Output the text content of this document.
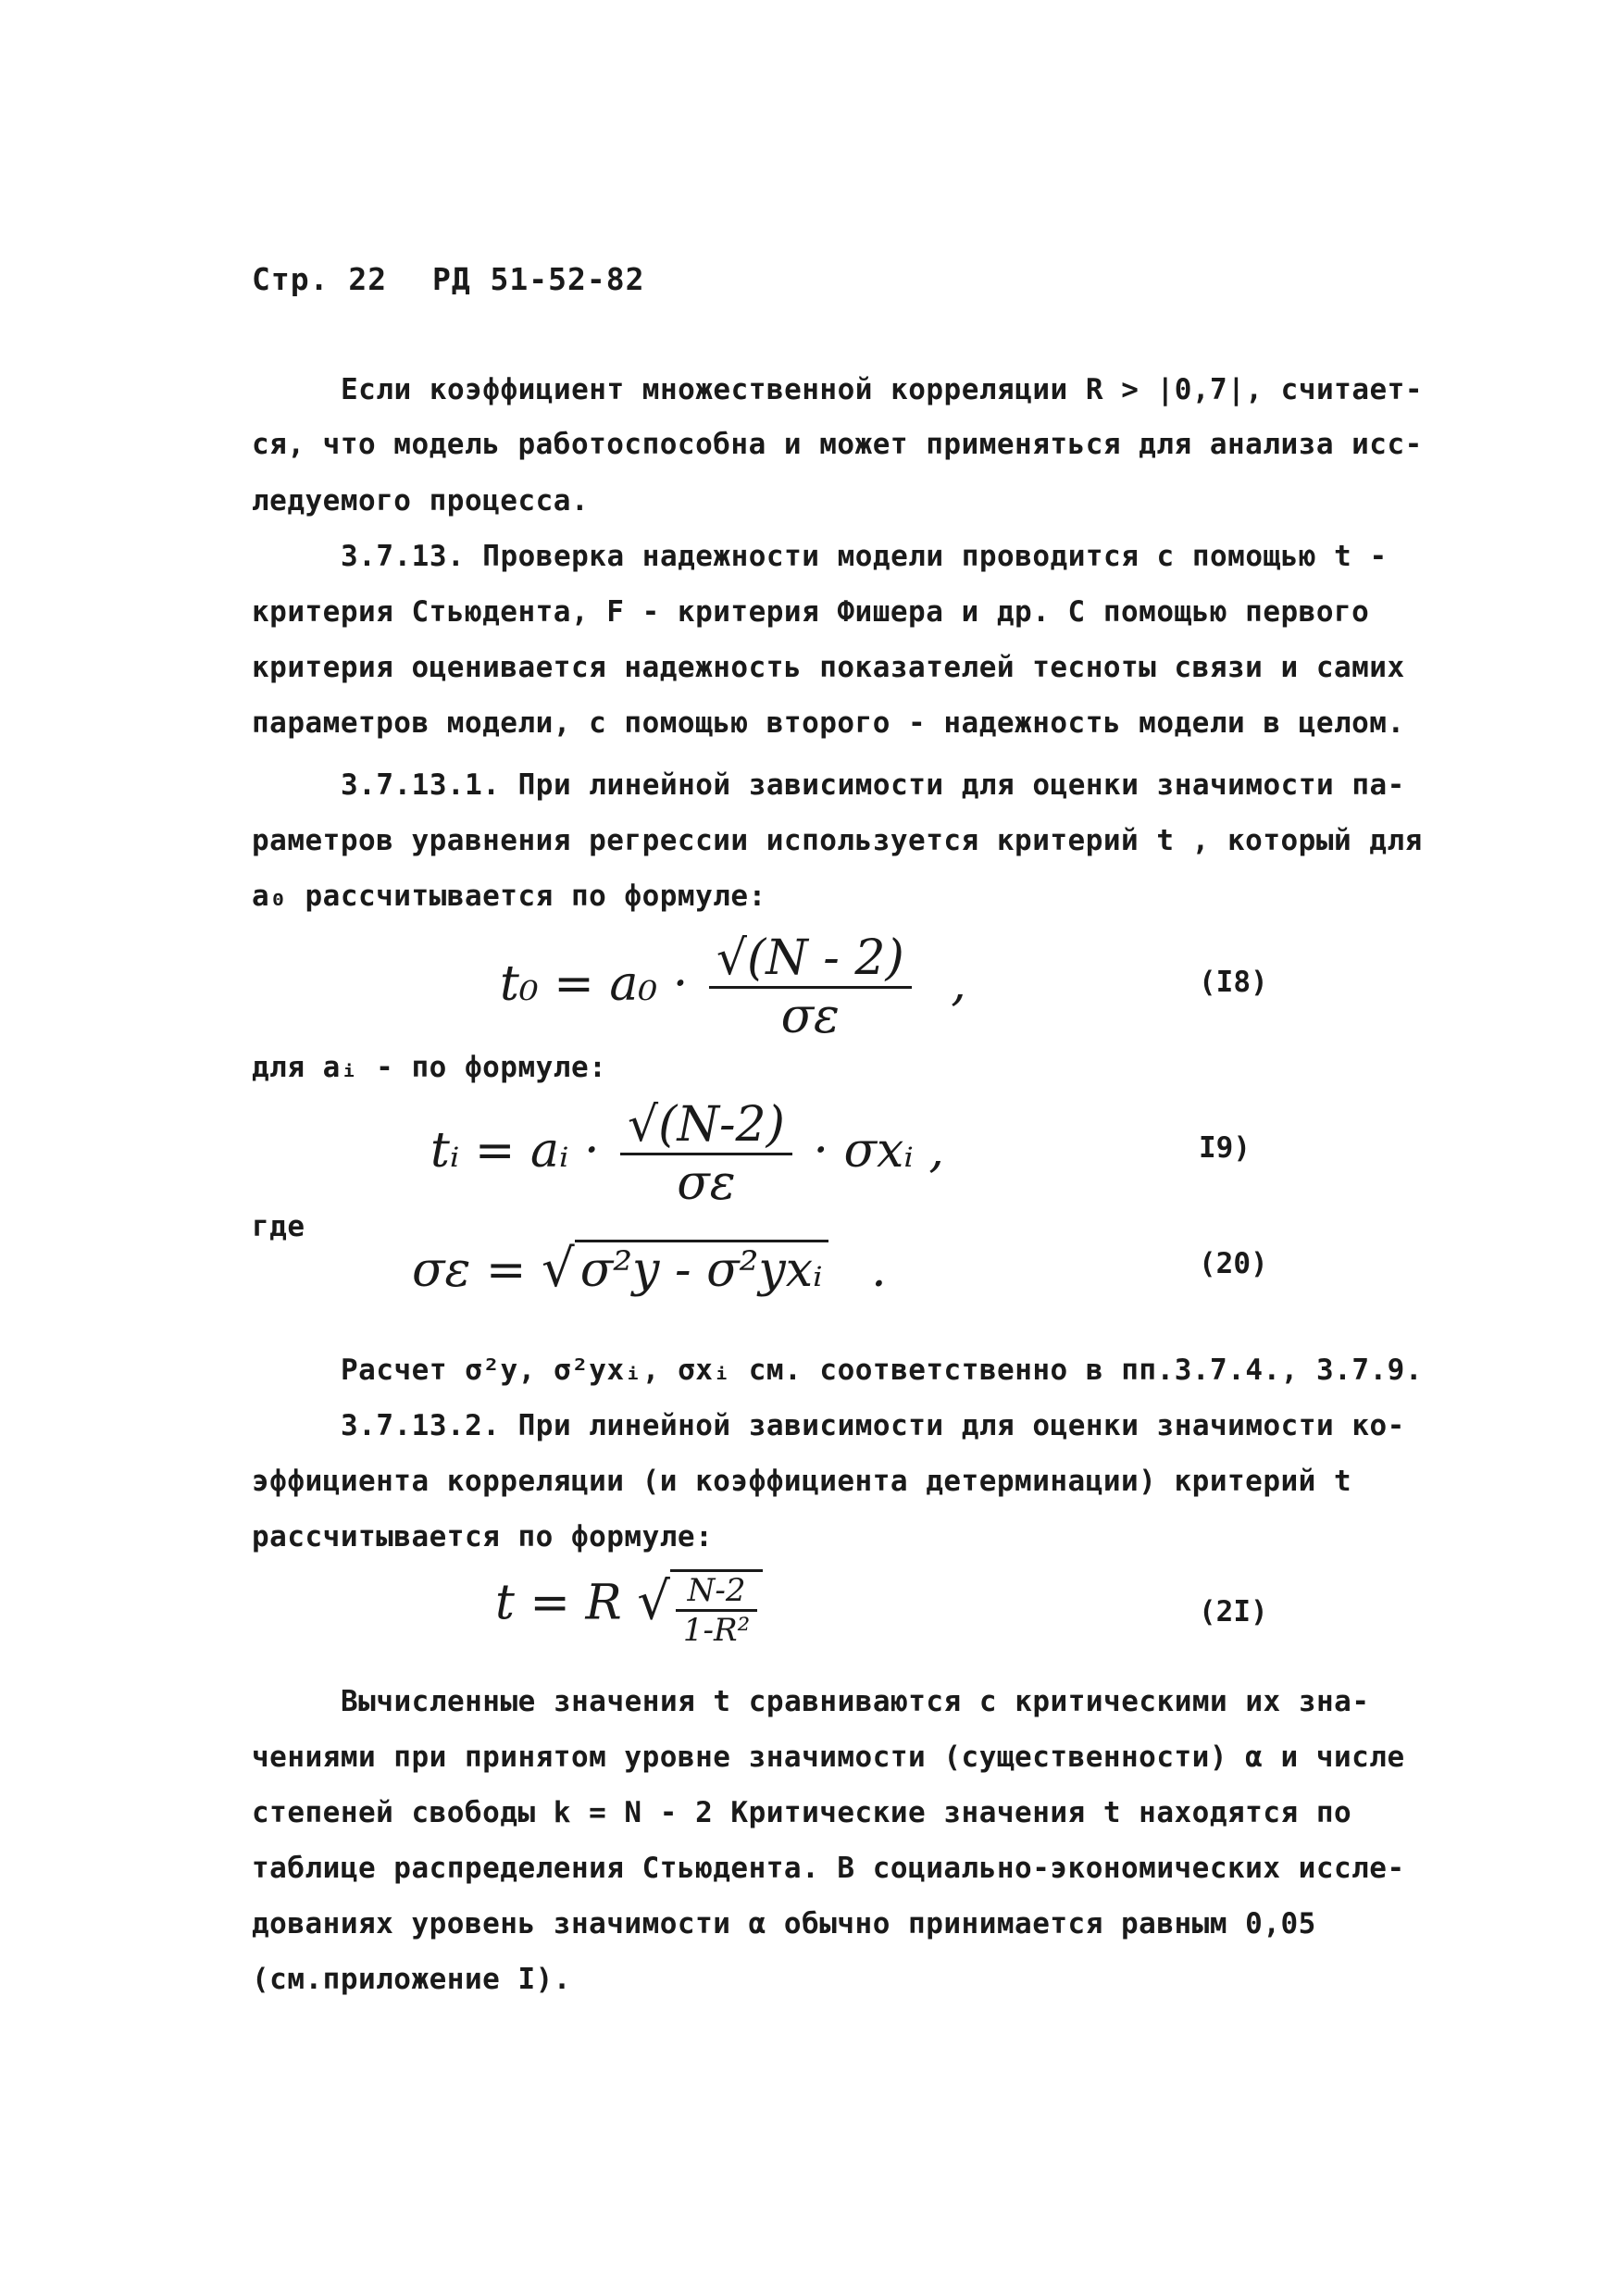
Стр. 22 РД 51-52-82
Если коэффициент множественной корреляции R > |0,7|, считает-
ся, что модель работоспособна и может применяться для анализа исс-
ледуемого процесса.
3.7.13. Проверка надежности модели проводится с помощью t -
критерия Стьюдента, F - критерия Фишера и др. С помощью первого
критерия оценивается надежность показателей тесноты связи и самих
параметров модели, с помощью второго - надежность модели в целом.
3.7.13.1. При линейной зависимости для оценки значимости па-
раметров уравнения регрессии используется критерий t , который для
a₀ рассчитывается по формуле:
$t_0 = a_0 \cdot \frac{√(N - 2)}{\sigma\varepsilon}$ ,	(I8)
для aᵢ - по формуле:
tᵢ = aᵢ · $\frac{√(N-2)}{\sigma\varepsilon}$ · σxᵢ ,	I9)
где
σε = √ σ²y - σ²yxᵢ .	(20)
Расчет σ²y, σ²yxᵢ, σxᵢ см. соответственно в пп.3.7.4., 3.7.9.
3.7.13.2. При линейной зависимости для оценки значимости ко-
эффициента корреляции (и коэффициента детерминации) критерий t
рассчитывается по формуле:
t = R √ $\frac{N-2}{\text{1-R²}}$	(2I)
Вычисленные значения t сравниваются с критическими их зна-
чениями при принятом уровне значимости (существенности) α и числе
степеней свободы k = N - 2 Критические значения t находятся по
таблице распределения Стьюдента. В социально-экономических иссле-
дованиях уровень значимости α обычно принимается равным 0,05
(см.приложение I).
